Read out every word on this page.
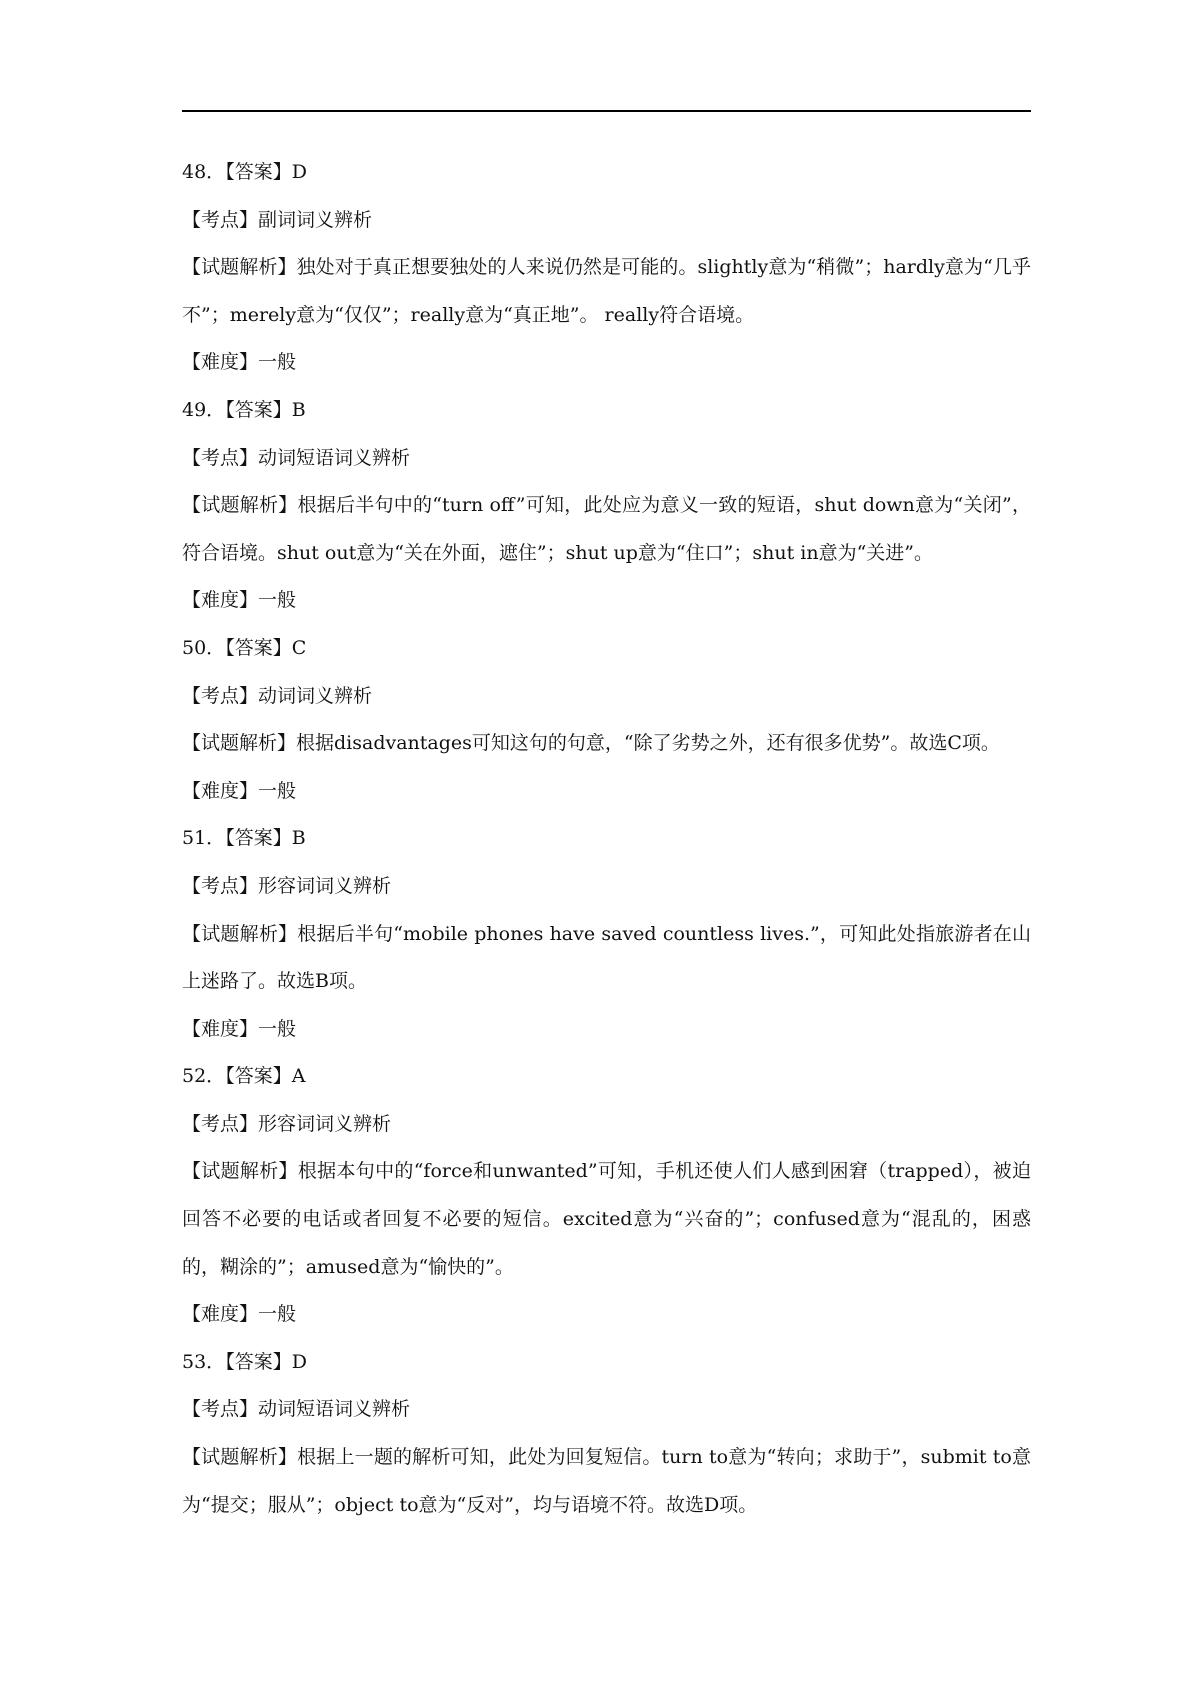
48．【答案】D
【考点】副词词义辨析
【试题解析】独处对于真正想要独处的人来说仍然是可能的。slightly意为“稍微”；hardly意为“几乎不”；merely意为“仅仅”；really意为“真正地”。 really符合语境。
【难度】一般
49．【答案】B
【考点】动词短语词义辨析
【试题解析】根据后半句中的“turn off”可知，此处应为意义一致的短语，shut down意为“关闭”，符合语境。shut out意为“关在外面，遮住”；shut up意为“住口”；shut in意为“关进”。
【难度】一般
50．【答案】C
【考点】动词词义辨析
【试题解析】根据disadvantages可知这句的句意，“除了劣势之外，还有很多优势”。故选C项。
【难度】一般
51．【答案】B
【考点】形容词词义辨析
【试题解析】根据后半句“mobile phones have saved countless lives.”，可知此处指旅游者在山上迷路了。故选B项。
【难度】一般
52．【答案】A
【考点】形容词词义辨析
【试题解析】根据本句中的“force和unwanted”可知，手机还使人们人感到困窘（trapped），被迫回答不必要的电话或者回复不必要的短信。excited意为“兴奋的”；confused意为“混乱的，困惑的，糊涂的”；amused意为“愉快的”。
【难度】一般
53．【答案】D
【考点】动词短语词义辨析
【试题解析】根据上一题的解析可知，此处为回复短信。turn to意为“转向；求助于”，submit to意为“提交；服从”；object to意为“反对”，均与语境不符。故选D项。
